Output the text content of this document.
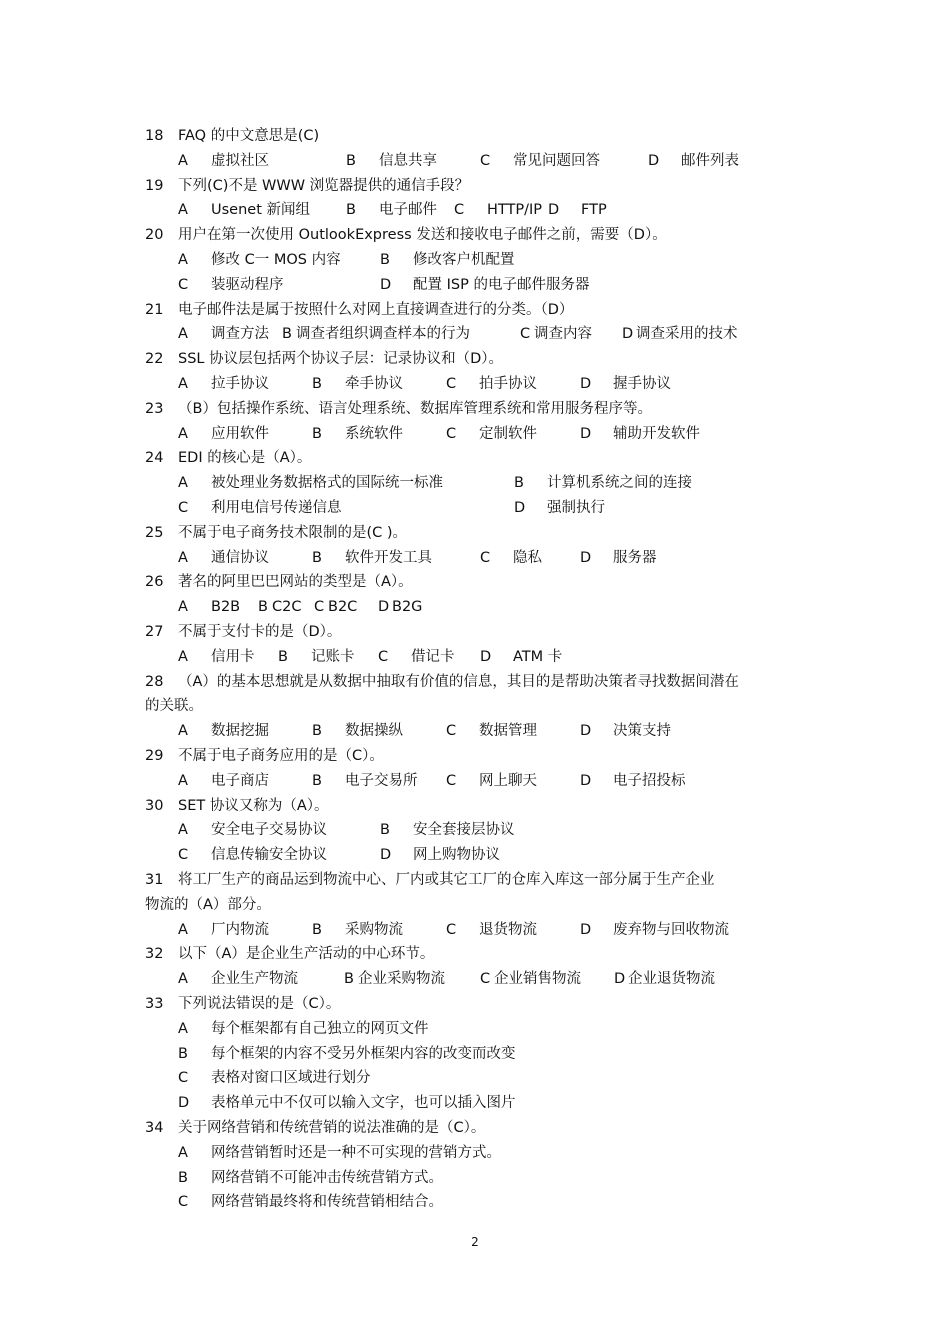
18 FAQ 的中文意思是(C)
A 虚拟社区	B 信息共享	C 常见问题回答	D 邮件列表
19 下列(C)不是 WWW 浏览器提供的通信手段？
A Usenet 新闻组 B 电子邮件 C HTTP/IP D FTP
20 用户在第一次使用 OutlookExpress 发送和接收电子邮件之前，需要（D）。
A 修改 C一 MOS 内容	B 修改客户机配置
C 装驱动程序	D 配置 ISP 的电子邮件服务器
21 电子邮件法是属于按照什么对网上直接调查进行的分类。（D）
A 调查方法 B 调查者组织调查样本的行为	C 调查内容 D 调查采用的技术
22 SSL 协议层包括两个协议子层：记录协议和（D）。
A 拉手协议	B 牵手协议	C 拍手协议	D 握手协议
23 （B）包括操作系统、语言处理系统、数据库管理系统和常用服务程序等。
A 应用软件	B 系统软件	C 定制软件	D 辅助开发软件
24 EDI 的核心是（A）。
A 被处理业务数据格式的国际统一标准	B 计算机系统之间的连接
C 利用电信号传递信息	D 强制执行
25 不属于电子商务技术限制的是(C )。
A 通信协议	B 软件开发工具	C 隐私	D 服务器
26 著名的阿里巴巴网站的类型是（A）。
A B2B B C2C C B2C D B2G
27 不属于支付卡的是（D）。
A 信用卡 B 记账卡 C 借记卡 D ATM 卡
28 （A）的基本思想就是从数据中抽取有价值的信息，其目的是帮助决策者寻找数据间潜在
的关联。
A 数据挖掘	B 数据操纵	C 数据管理	D 决策支持
29 不属于电子商务应用的是（C）。
A 电子商店	B 电子交易所 C 网上聊天	D 电子招投标
30 SET 协议又称为（A）。
A 安全电子交易协议	B 安全套接层协议
C 信息传输安全协议	D 网上购物协议
31 将工厂生产的商品运到物流中心、厂内或其它工厂的仓库入库这一部分属于生产企业
物流的（A）部分。
A 厂内物流	B 采购物流	C 退货物流	D 废弃物与回收物流
32 以下（A）是企业生产活动的中心环节。
A 企业生产物流	B 企业采购物流 C 企业销售物流 D 企业退货物流
33 下列说法错误的是（C）。
A 每个框架都有自己独立的网页文件
B 每个框架的内容不受另外框架内容的改变而改变
C 表格对窗口区域进行划分
D 表格单元中不仅可以输入文字，也可以插入图片
34 关于网络营销和传统营销的说法准确的是（C）。
A 网络营销暂时还是一种不可实现的营销方式。
B 网络营销不可能冲击传统营销方式。
C 网络营销最终将和传统营销相结合。
2
